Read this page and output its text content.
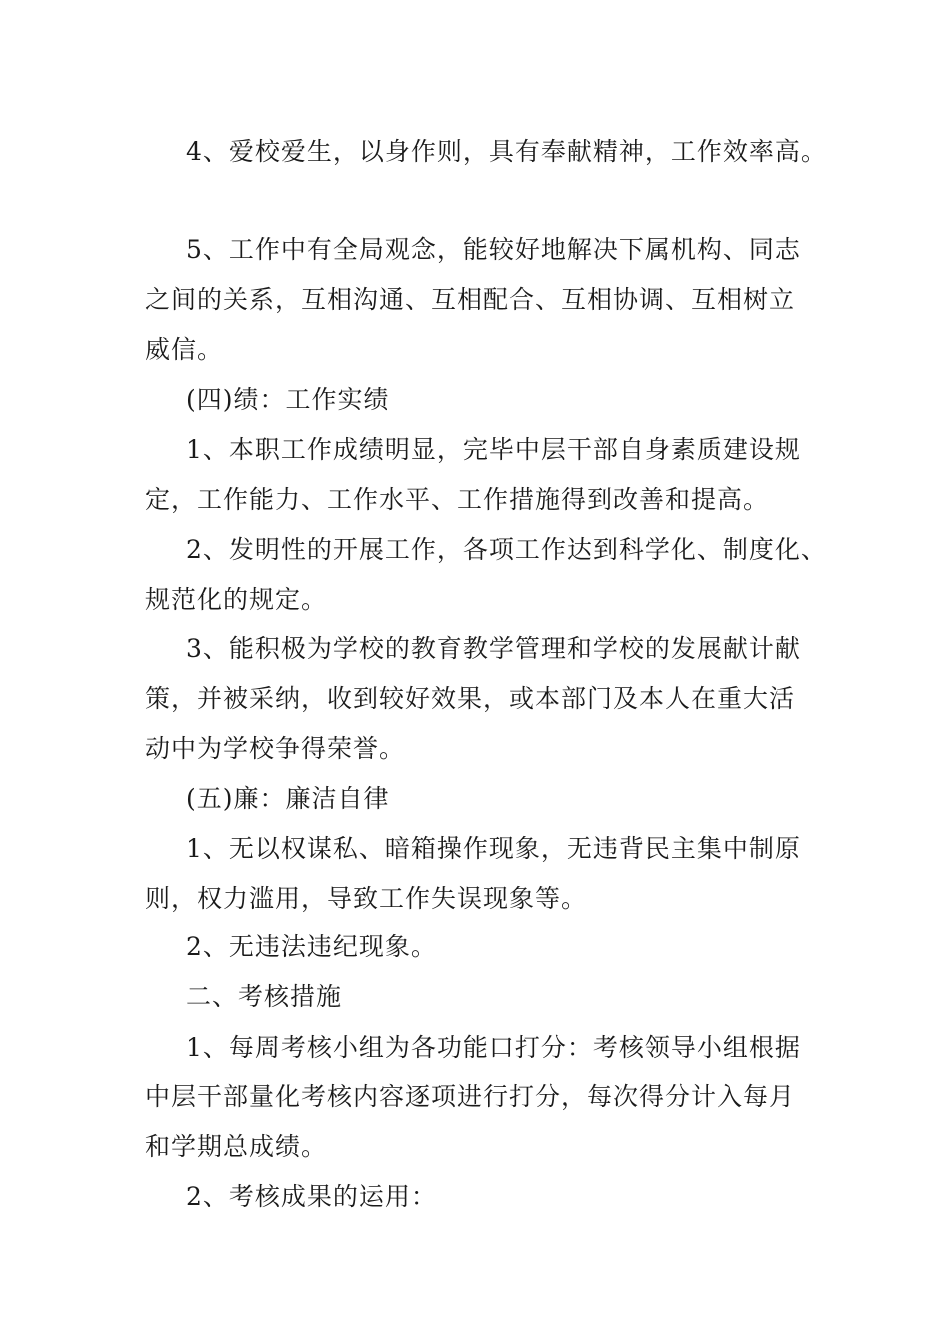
4、爱校爱生，以身作则，具有奉献精神，工作效率高。
5、工作中有全局观念，能较好地解决下属机构、同志
之间的关系，互相沟通、互相配合、互相协调、互相树立
威信。
(四)绩：工作实绩
1、本职工作成绩明显，完毕中层干部自身素质建设规
定，工作能力、工作水平、工作措施得到改善和提高。
2、发明性的开展工作，各项工作达到科学化、制度化、
规范化的规定。
3、能积极为学校的教育教学管理和学校的发展献计献
策，并被采纳，收到较好效果，或本部门及本人在重大活
动中为学校争得荣誉。
(五)廉：廉洁自律
1、无以权谋私、暗箱操作现象，无违背民主集中制原
则，权力滥用，导致工作失误现象等。
2、无违法违纪现象。
二、考核措施
1、每周考核小组为各功能口打分：考核领导小组根据
中层干部量化考核内容逐项进行打分，每次得分计入每月
和学期总成绩。
2、考核成果的运用：
